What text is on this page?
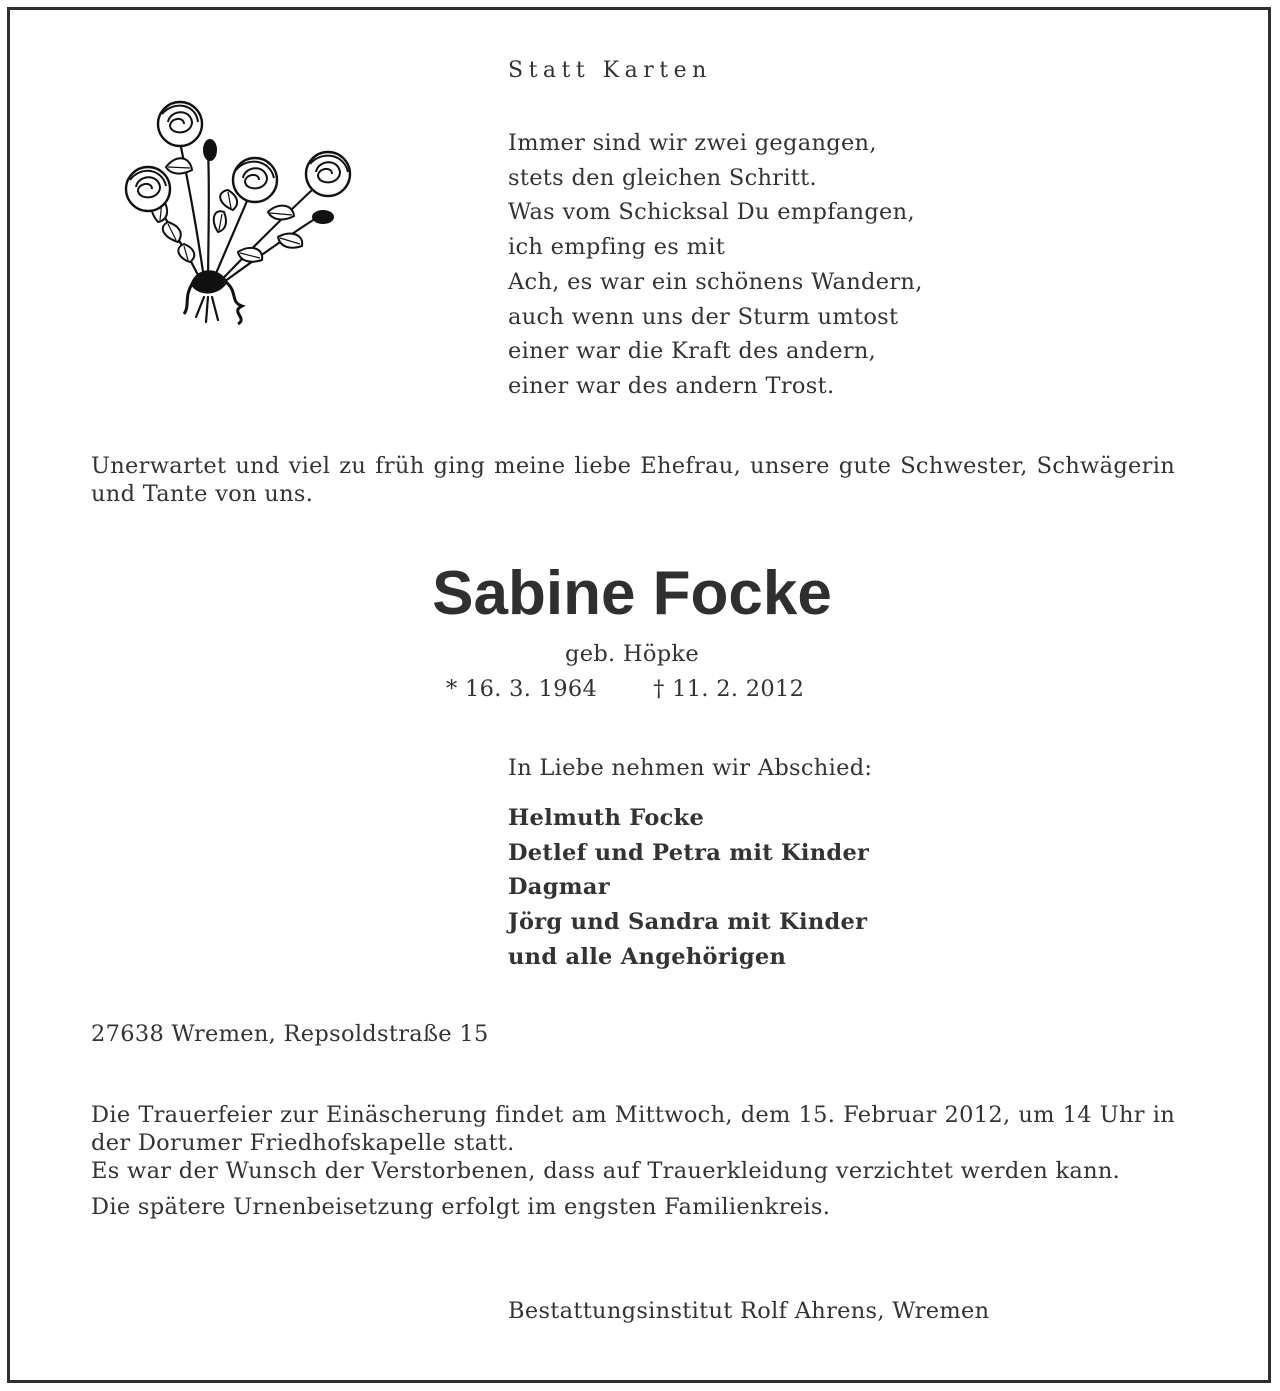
Statt Karten

Immer sind wir zwei gegangen,
stets den gleichen Schritt.
Was vom Schicksal Du empfangen,
ich empfing es mit
Ach, es war ein schönens Wandern,
auch wenn uns der Sturm umtost
einer war die Kraft des andern,
einer war des andern Trost.

Unerwartet und viel zu früh ging meine liebe Ehefrau, unsere gute Schwester, Schwägerin und Tante von uns.

Sabine Focke
geb. Höpke
* 16. 3. 1964 † 11. 2. 2012
In Liebe nehmen wir Abschied:
Helmuth Focke
Detlef und Petra mit Kinder
Dagmar
Jörg und Sandra mit Kinder
und alle Angehörigen
27638 Wremen, Repsoldstraße 15

Die Trauerfeier zur Einäscherung findet am Mittwoch, dem 15. Februar 2012, um 14 Uhr in der Dorumer Friedhofskapelle statt.

Es war der Wunsch der Verstorbenen, dass auf Trauerkleidung verzichtet werden kann.

Die spätere Urnenbeisetzung erfolgt im engsten Familienkreis.

Bestattungsinstitut Rolf Ahrens, Wremen
